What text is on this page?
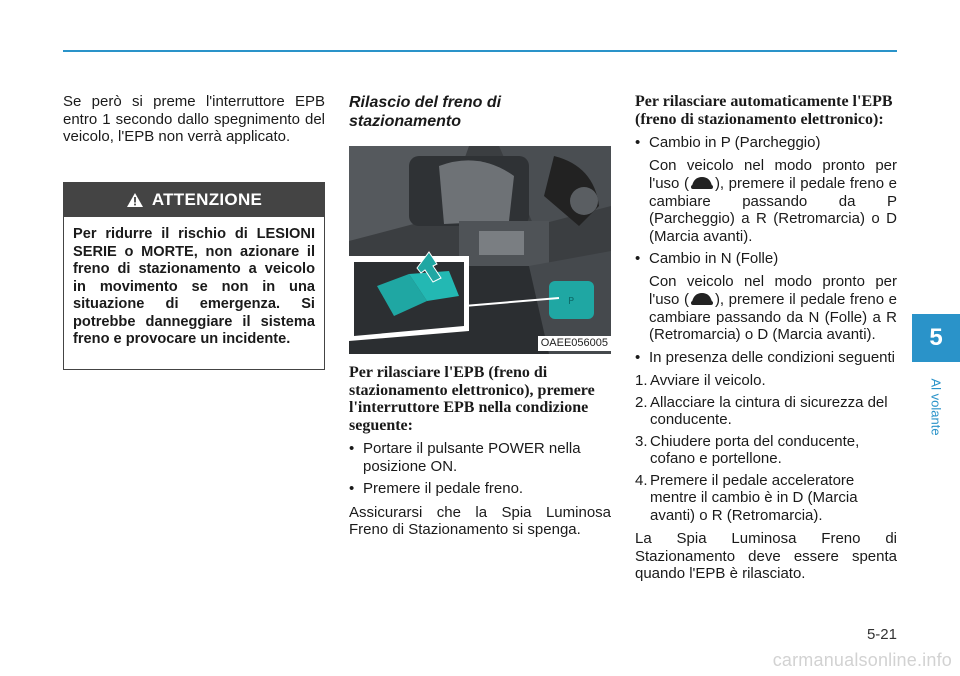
Se però si preme l'interruttore EPB entro 1 secondo dallo spegnimento del veicolo, l'EPB non verrà applicato.

ATTENZIONE
Per ridurre il rischio di LESIONI SERIE o MORTE, non azionare il freno di stazionamento a veicolo in movimento se non in una situazione di emergenza. Si potrebbe danneggiare il sistema freno e provocare un incidente.
Rilascio del freno di stazionamento
P
OAEE056005
Per rilasciare l'EPB (freno di stazionamento elettronico), premere l'interruttore EPB nella condizione seguente:
• Portare il pulsante POWER nella posizione ON.
• Premere il pedale freno.

Assicurarsi che la Spia Luminosa Freno di Stazionamento si spenga.

Per rilasciare automaticamente l'EPB (freno di stazionamento elettronico):
• Cambio in P (Parcheggio)
Con veicolo nel modo pronto per l'uso ( ), premere il pedale freno e cambiare passando da P (Parcheggio) a R (Retromarcia) o D (Marcia avanti).
• Cambio in N (Folle)
Con veicolo nel modo pronto per l'uso ( ), premere il pedale freno e cambiare passando da N (Folle) a R (Retromarcia) o D (Marcia avanti).
• In presenza delle condizioni seguenti
1. Avviare il veicolo.
2. Allacciare la cintura di sicurezza del conducente.
3. Chiudere porta del conducente, cofano e portellone.
4. Premere il pedale acceleratore mentre il cambio è in D (Marcia avanti) o R (Retromarcia).

La Spia Luminosa Freno di Stazionamento deve essere spenta quando l'EPB è rilasciato.

5
Al volante
5-21
carmanualsonline.info
